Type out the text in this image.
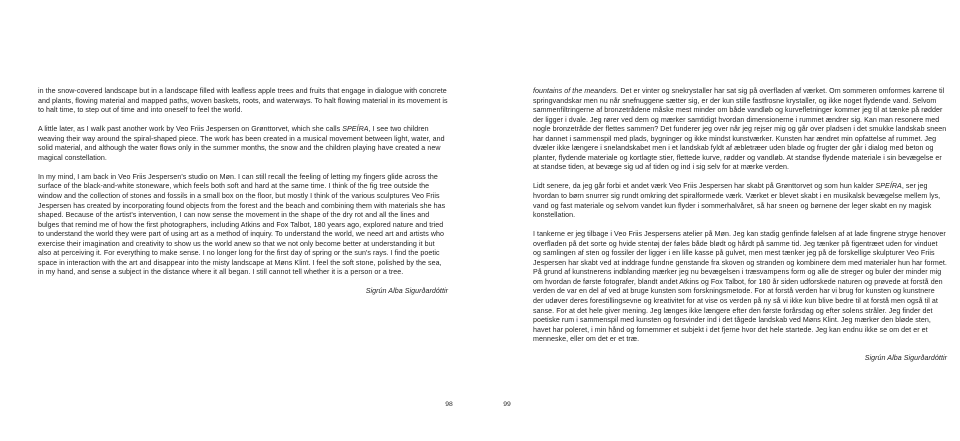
in the snow-covered landscape but in a landscape filled with leafless apple trees and fruits that engage in dialogue with concrete and plants, flowing material and mapped paths, woven baskets, roots, and waterways. To halt flowing material in its movement is to halt time, to step out of time and into oneself to feel the world.

A little later, as I walk past another work by Veo Friis Jespersen on Grønttorvet, which she calls SPEÍRA, I see two children weaving their way around the spiral-shaped piece. The work has been created in a musical movement between light, water, and solid material, and although the water flows only in the summer months, the snow and the children playing have created a new magical constellation.

In my mind, I am back in Veo Friis Jespersen's studio on Møn. I can still recall the feeling of letting my fingers glide across the surface of the black-and-white stoneware, which feels both soft and hard at the same time. I think of the fig tree outside the window and the collection of stones and fossils in a small box on the floor, but mostly I think of the various sculptures Veo Friis Jespersen has created by incorporating found objects from the forest and the beach and combining them with materials she has shaped. Because of the artist's intervention, I can now sense the movement in the shape of the dry rot and all the lines and bulges that remind me of how the first photographers, including Atkins and Fox Talbot, 180 years ago, explored nature and tried to understand the world they were part of using art as a method of inquiry. To understand the world, we need art and artists who exercise their imagination and creativity to show us the world anew so that we not only become better at understanding it but also at perceiving it. For everything to make sense. I no longer long for the first day of spring or the sun's rays. I find the poetic space in interaction with the art and disappear into the misty landscape at Møns Klint. I feel the soft stone, polished by the sea, in my hand, and sense a subject in the distance where it all began. I still cannot tell whether it is a person or a tree.

Sigrún Alba Sigurðardóttir

fountains of the meanders. Det er vinter og snekrystaller har sat sig på overfladen af værket. Om sommeren omformes karrene til springvandskar men nu når snefnuggene sætter sig, er der kun stille fastfrosne krystaller, og ikke noget flydende vand. Selvom sammenfiltringerne af bronzetrådene måske mest minder om både vandløb og kurvefletninger kommer jeg til at tænke på rødder der ligger i dvale. Jeg rører ved dem og mærker samtidigt hvordan dimensionerne i rummet ændrer sig. Kan man resonere med nogle bronzetråde der flettes sammen? Det funderer jeg over når jeg rejser mig og går over pladsen i det smukke landskab sneen har dannet i sammenspil med plads, bygninger og ikke mindst kunstværker. Kunsten har ændret min opfattelse af rummet. Jeg dvæler ikke længere i snelandskabet men i et landskab fyldt af æbletræer uden blade og frugter der går i dialog med beton og planter, flydende materiale og kortlagte stier, flettede kurve, rødder og vandløb. At standse flydende materiale i sin bevægelse er at standse tiden, at bevæge sig ud af tiden og ind i sig selv for at mærke verden.

Lidt senere, da jeg går forbi et andet værk Veo Friis Jespersen har skabt på Grønttorvet og som hun kalder SPEÍRA, ser jeg hvordan to børn snurrer sig rundt omkring det spiralformede værk. Værket er blevet skabt i en musikalsk bevægelse mellem lys, vand og fast materiale og selvom vandet kun flyder i sommerhalvåret, så har sneen og børnene der leger skabt en ny magisk konstellation.

I tankerne er jeg tilbage i Veo Friis Jespersens atelier på Møn. Jeg kan stadig genfinde følelsen af at lade fingrene stryge henover overfladen på det sorte og hvide stentøj der føles både blødt og hårdt på samme tid. Jeg tænker på figentræet uden for vinduet og samlingen af sten og fossiler der ligger i en lille kasse på gulvet, men mest tænker jeg på de forskellige skulpturer Veo Friis Jespersen har skabt ved at inddrage fundne genstande fra skoven og stranden og kombinere dem med materialer hun har formet. På grund af kunstnerens indblanding mærker jeg nu bevægelsen i træsvampens form og alle de streger og buler der minder mig om hvordan de første fotografer, blandt andet Atkins og Fox Talbot, for 180 år siden udforskede naturen og prøvede at forstå den verden de var en del af ved at bruge kunsten som forskningsmetode. For at forstå verden har vi brug for kunsten og kunstnere der udøver deres forestillingsevne og kreativitet for at vise os verden på ny så vi ikke kun blive bedre til at forstå men også til at sanse. For at det hele giver mening. Jeg længes ikke længere efter den første forårsdag og efter solens stråler. Jeg finder det poetiske rum i sammenspil med kunsten og forsvinder ind i det tågede landskab ved Møns Klint. Jeg mærker den bløde sten, havet har poleret, i min hånd og fornemmer et subjekt i det fjerne hvor det hele startede. Jeg kan endnu ikke se om det er et menneske, eller om det er et træ.

Sigrún Alba Sigurðardóttir
98	99
